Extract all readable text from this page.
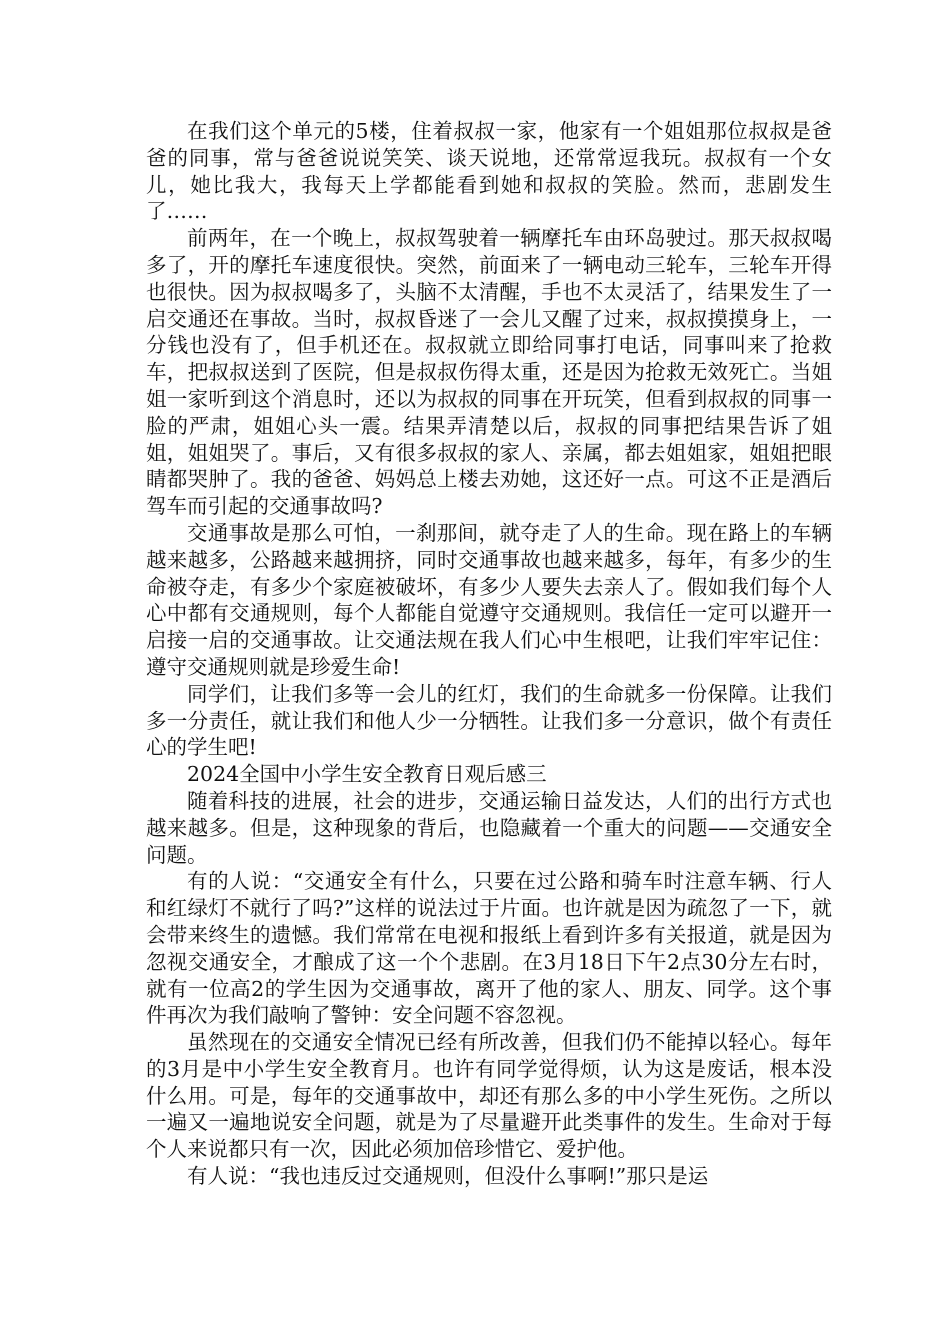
在我们这个单元的5楼，住着叔叔一家，他家有一个姐姐那位叔叔是爸爸的同事，常与爸爸说说笑笑、谈天说地，还常常逗我玩。叔叔有一个女儿，她比我大，我每天上学都能看到她和叔叔的笑脸。然而，悲剧发生了……

前两年，在一个晚上，叔叔驾驶着一辆摩托车由环岛驶过。那天叔叔喝多了，开的摩托车速度很快。突然，前面来了一辆电动三轮车，三轮车开得也很快。因为叔叔喝多了，头脑不太清醒，手也不太灵活了，结果发生了一启交通还在事故。当时，叔叔昏迷了一会儿又醒了过来，叔叔摸摸身上，一分钱也没有了，但手机还在。叔叔就立即给同事打电话，同事叫来了抢救车，把叔叔送到了医院，但是叔叔伤得太重，还是因为抢救无效死亡。当姐姐一家听到这个消息时，还以为叔叔的同事在开玩笑，但看到叔叔的同事一脸的严肃，姐姐心头一震。结果弄清楚以后，叔叔的同事把结果告诉了姐姐，姐姐哭了。事后，又有很多叔叔的家人、亲属，都去姐姐家，姐姐把眼睛都哭肿了。我的爸爸、妈妈总上楼去劝她，这还好一点。可这不正是酒后驾车而引起的交通事故吗?

交通事故是那么可怕，一刹那间，就夺走了人的生命。现在路上的车辆越来越多，公路越来越拥挤，同时交通事故也越来越多，每年，有多少的生命被夺走，有多少个家庭被破坏，有多少人要失去亲人了。假如我们每个人心中都有交通规则，每个人都能自觉遵守交通规则。我信任一定可以避开一启接一启的交通事故。让交通法规在我人们心中生根吧，让我们牢牢记住：遵守交通规则就是珍爱生命!

同学们，让我们多等一会儿的红灯，我们的生命就多一份保障。让我们多一分责任，就让我们和他人少一分牺牲。让我们多一分意识，做个有责任心的学生吧!

2024全国中小学生安全教育日观后感三

随着科技的进展，社会的进步，交通运输日益发达，人们的出行方式也越来越多。但是，这种现象的背后，也隐藏着一个重大的问题——交通安全问题。

有的人说：“交通安全有什么，只要在过公路和骑车时注意车辆、行人和红绿灯不就行了吗?”这样的说法过于片面。也许就是因为疏忽了一下，就会带来终生的遗憾。我们常常在电视和报纸上看到许多有关报道，就是因为忽视交通安全，才酿成了这一个个悲剧。在3月18日下午2点30分左右时，就有一位高2的学生因为交通事故，离开了他的家人、朋友、同学。这个事件再次为我们敲响了警钟：安全问题不容忽视。

虽然现在的交通安全情况已经有所改善，但我们仍不能掉以轻心。每年的3月是中小学生安全教育月。也许有同学觉得烦，认为这是废话，根本没什么用。可是，每年的交通事故中，却还有那么多的中小学生死伤。之所以一遍又一遍地说安全问题，就是为了尽量避开此类事件的发生。生命对于每个人来说都只有一次，因此必须加倍珍惜它、爱护他。

有人说：“我也违反过交通规则，但没什么事啊!”那只是运
